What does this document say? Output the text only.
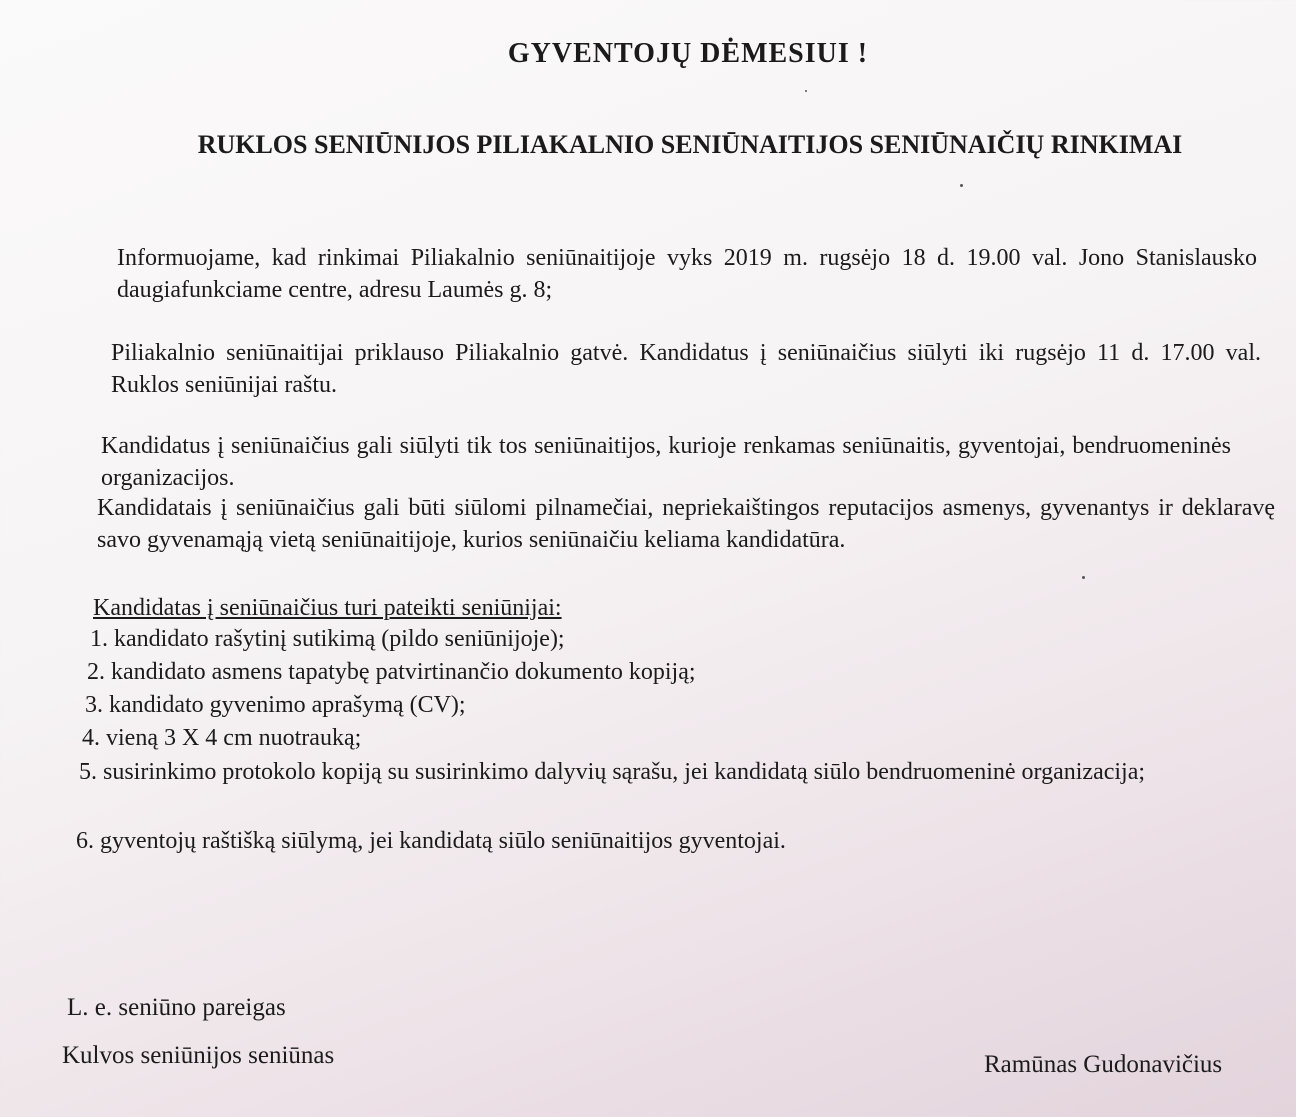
GYVENTOJŲ DĖMESIUI !
RUKLOS SENIŪNIJOS PILIAKALNIO SENIŪNAITIJOS SENIŪNAIČIŲ RINKIMAI

Informuojame, kad rinkimai Piliakalnio seniūnaitijoje vyks 2019 m. rugsėjo 18 d. 19.00 val. Jono Stanislausko daugiafunkciame centre, adresu Laumės g. 8;

Piliakalnio seniūnaitijai priklauso Piliakalnio gatvė. Kandidatus į seniūnaičius siūlyti iki rugsėjo 11 d. 17.00 val. Ruklos seniūnijai raštu.

Kandidatus į seniūnaičius gali siūlyti tik tos seniūnaitijos, kurioje renkamas seniūnaitis, gyventojai, bendruomeninės organizacijos.

Kandidatais į seniūnaičius gali būti siūlomi pilnamečiai, nepriekaištingos reputacijos asmenys, gyvenantys ir deklaravę savo gyvenamąją vietą seniūnaitijoje, kurios seniūnaičiu keliama kandidatūra.

Kandidatas į seniūnaičius turi pateikti seniūnijai:

1. kandidato rašytinį sutikimą (pildo seniūnijoje);

2. kandidato asmens tapatybę patvirtinančio dokumento kopiją;

3. kandidato gyvenimo aprašymą (CV);

4. vieną 3 X 4 cm nuotrauką;

5. susirinkimo protokolo kopiją su susirinkimo dalyvių sąrašu, jei kandidatą siūlo bendruomeninė organizacija;

6. gyventojų raštišką siūlymą, jei kandidatą siūlo seniūnaitijos gyventojai.

L. e. seniūno pareigas

Kulvos seniūnijos seniūnas	Ramūnas Gudonavičius
